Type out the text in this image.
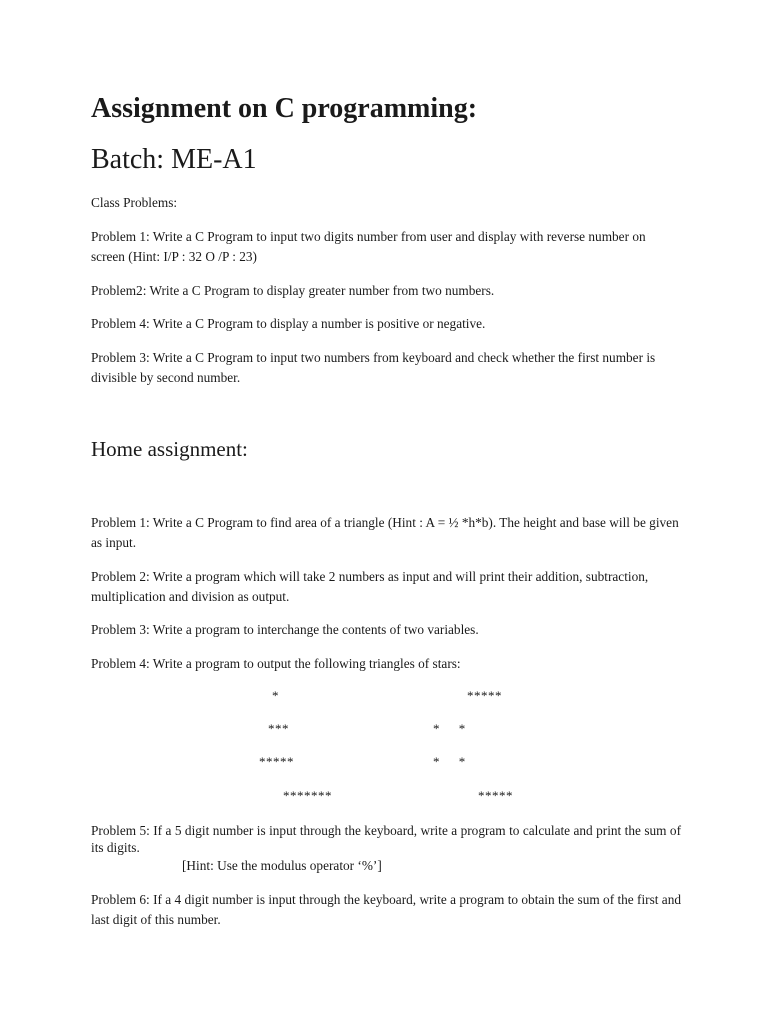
Assignment on C programming:
Batch: ME-A1

Class Problems:

Problem 1: Write a C Program to input two digits number from user and display with reverse number on screen (Hint: I/P : 32 O /P : 23)

Problem2: Write a C Program to display greater number from two numbers.

Problem 4: Write a C Program to display a number is positive or negative.

Problem 3: Write a C Program to input two numbers from keyboard and check whether the first number is divisible by second number.

Home assignment:

Problem 1: Write a C Program to find area of a triangle (Hint : A = ½ *h*b). The height and base will be given as input.

Problem 2: Write a program which will take 2 numbers as input and will print their addition, subtraction, multiplication and division as output.

Problem 3: Write a program to interchange the contents of two variables.

Problem 4: Write a program to output the following triangles of stars:

*
***
*****
*******
*****
*     *
*     *
*****

Problem 5: If a 5 digit number is input through the keyboard, write a program to calculate and print the sum of its digits.

[Hint: Use the modulus operator ‘%’]

Problem 6: If a 4 digit number is input through the keyboard, write a program to obtain the sum of the first and last digit of this number.
